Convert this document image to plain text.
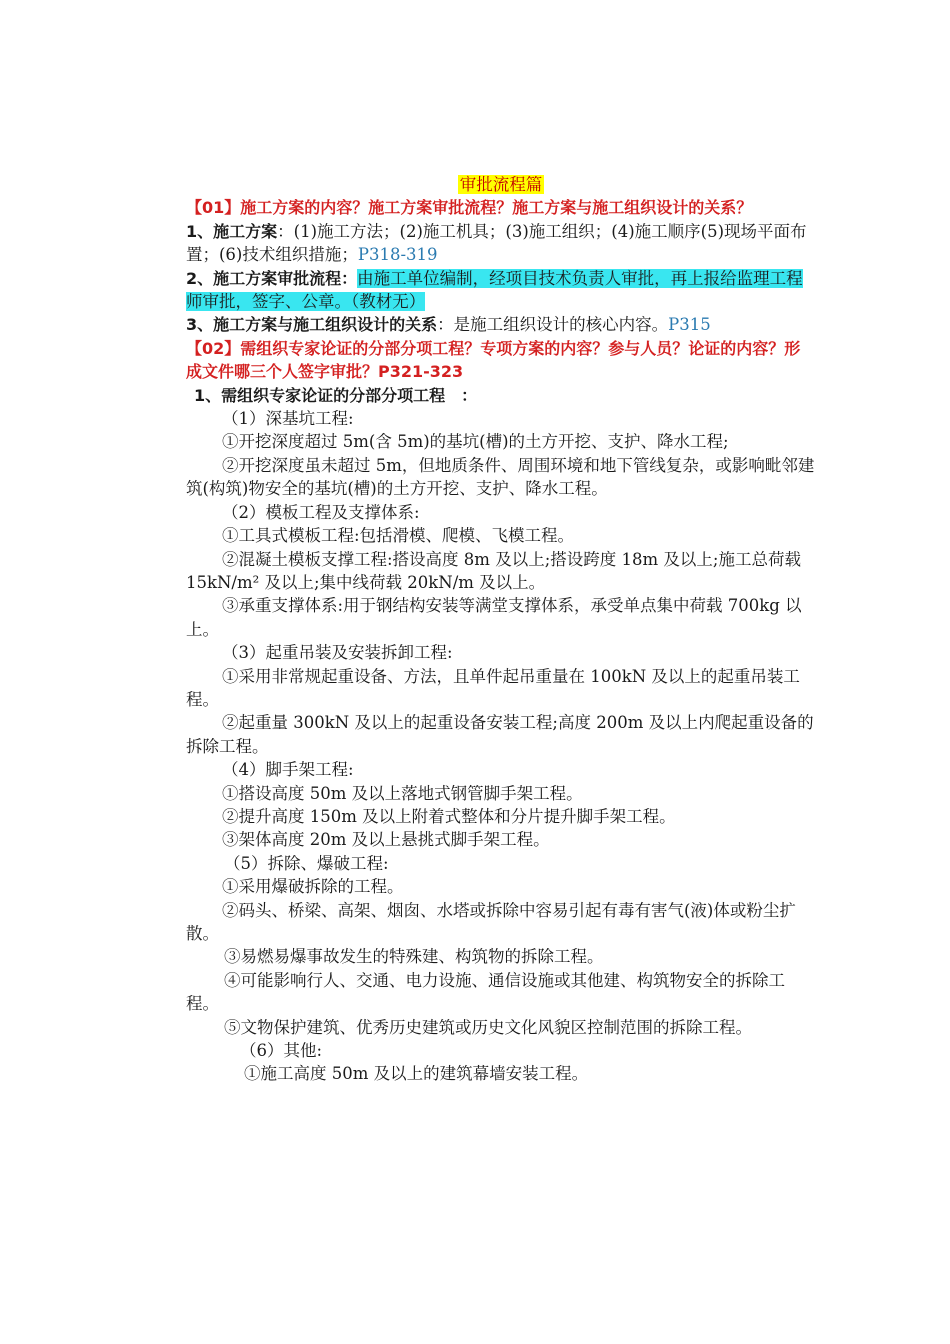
审批流程篇
【01】施工方案的内容？施工方案审批流程？施工方案与施工组织设计的关系？
1、施工方案：(1)施工方法；(2)施工机具；(3)施工组织；(4)施工顺序(5)现场平面布置；(6)技术组织措施；P318-319
2、施工方案审批流程：由施工单位编制，经项目技术负责人审批，再上报给监理工程师审批，签字、公章。（教材无）
3、施工方案与施工组织设计的关系：是施工组织设计的核心内容。P315
【02】需组织专家论证的分部分项工程？专项方案的内容？参与人员？论证的内容？形成文件哪三个人签字审批？P321-323
1、需组织专家论证的分部分项工程　：
（1）深基坑工程:
①开挖深度超过 5m(含 5m)的基坑(槽)的土方开挖、支护、降水工程;
②开挖深度虽未超过 5m，但地质条件、周围环境和地下管线复杂，或影响毗邻建筑(构筑)物安全的基坑(槽)的土方开挖、支护、降水工程。
（2）模板工程及支撑体系:
①工具式模板工程:包括滑模、爬模、飞模工程。
②混凝土模板支撑工程:搭设高度 8m 及以上;搭设跨度 18m 及以上;施工总荷载 15kN/m² 及以上;集中线荷载 20kN/m 及以上。
③承重支撑体系:用于钢结构安装等满堂支撑体系，承受单点集中荷载 700kg 以上。
（3）起重吊装及安装拆卸工程:
①采用非常规起重设备、方法，且单件起吊重量在 100kN 及以上的起重吊装工程。
②起重量 300kN 及以上的起重设备安装工程;高度 200m 及以上内爬起重设备的拆除工程。
（4）脚手架工程:
①搭设高度 50m 及以上落地式钢管脚手架工程。
②提升高度 150m 及以上附着式整体和分片提升脚手架工程。
③架体高度 20m 及以上悬挑式脚手架工程。
（5）拆除、爆破工程:
①采用爆破拆除的工程。
②码头、桥梁、高架、烟囱、水塔或拆除中容易引起有毒有害气(液)体或粉尘扩散。
③易燃易爆事故发生的特殊建、构筑物的拆除工程。
④可能影响行人、交通、电力设施、通信设施或其他建、构筑物安全的拆除工程。
⑤文物保护建筑、优秀历史建筑或历史文化风貌区控制范围的拆除工程。
（6）其他:
①施工高度 50m 及以上的建筑幕墙安装工程。
